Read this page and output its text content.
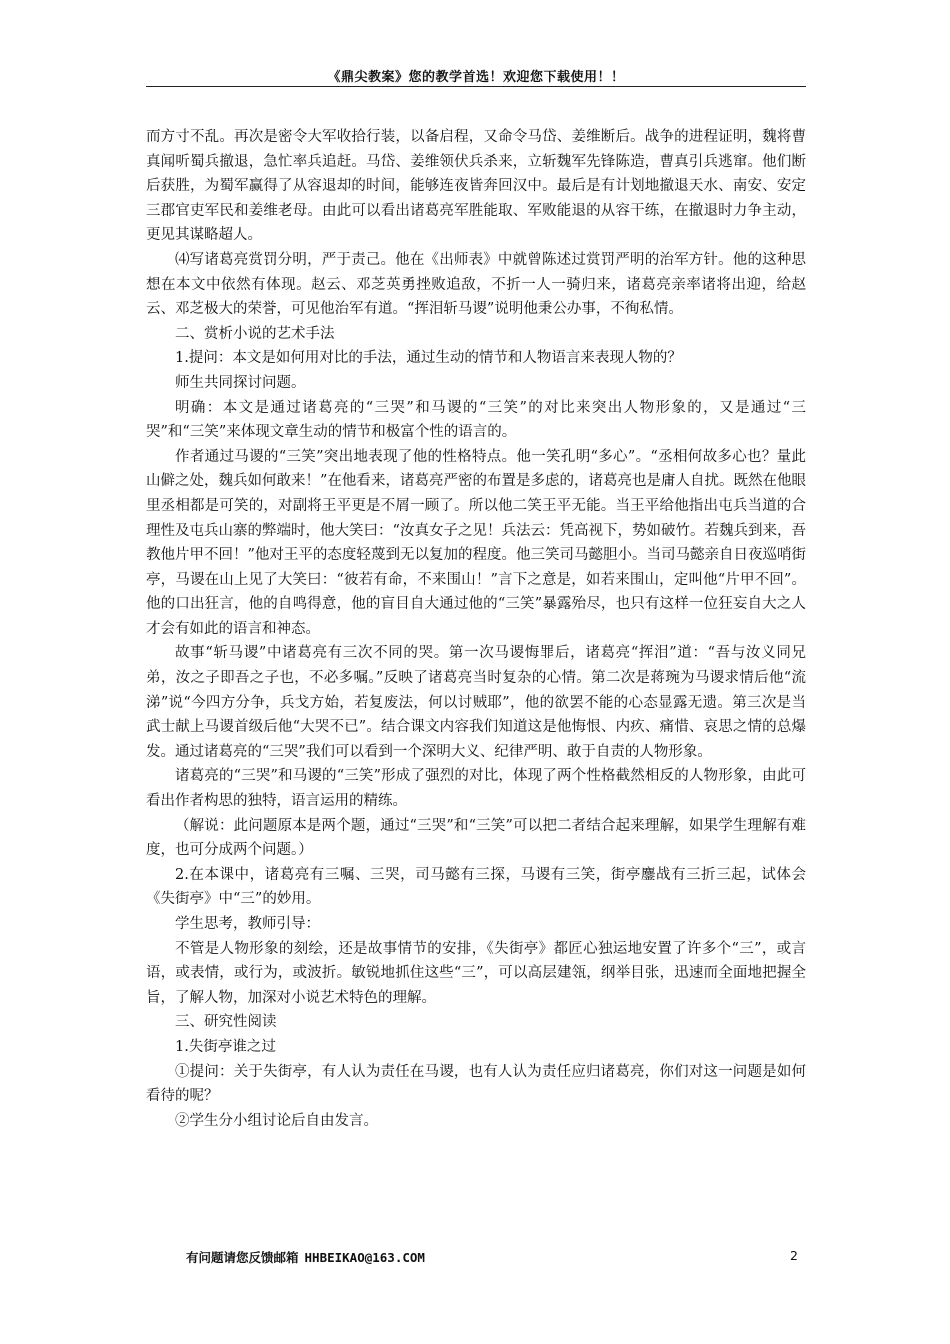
《鼎尖教案》您的教学首选！欢迎您下载使用！！

而方寸不乱。再次是密令大军收拾行装，以备启程，又命令马岱、姜维断后。战争的进程证明，魏将曹真闻听蜀兵撤退，急忙率兵追赶。马岱、姜维领伏兵杀来，立斩魏军先锋陈造，曹真引兵逃窜。他们断后获胜，为蜀军赢得了从容退却的时间，能够连夜皆奔回汉中。最后是有计划地撤退天水、南安、安定三郡官吏军民和姜维老母。由此可以看出诸葛亮军胜能取、军败能退的从容干练，在撤退时力争主动，更见其谋略超人。

⑷写诸葛亮赏罚分明，严于责己。他在《出师表》中就曾陈述过赏罚严明的治军方针。他的这种思想在本文中依然有体现。赵云、邓芝英勇挫败追敌，不折一人一骑归来，诸葛亮亲率诸将出迎，给赵云、邓芝极大的荣誉，可见他治军有道。“挥泪斩马谡”说明他秉公办事，不徇私情。

二、赏析小说的艺术手法

1.提问：本文是如何用对比的手法，通过生动的情节和人物语言来表现人物的？

师生共同探讨问题。

明确：本文是通过诸葛亮的“三哭”和马谡的“三笑”的对比来突出人物形象的，又是通过“三哭”和“三笑”来体现文章生动的情节和极富个性的语言的。

作者通过马谡的“三笑”突出地表现了他的性格特点。他一笑孔明“多心”。“丞相何故多心也？量此山僻之处，魏兵如何敢来！”在他看来，诸葛亮严密的布置是多虑的，诸葛亮也是庸人自扰。既然在他眼里丞相都是可笑的，对副将王平更是不屑一顾了。所以他二笑王平无能。当王平给他指出屯兵当道的合理性及屯兵山寨的弊端时，他大笑曰：“汝真女子之见！兵法云：凭高视下，势如破竹。若魏兵到来，吾教他片甲不回！”他对王平的态度轻蔑到无以复加的程度。他三笑司马懿胆小。当司马懿亲自日夜巡哨街亭，马谡在山上见了大笑曰：“彼若有命，不来围山！”言下之意是，如若来围山，定叫他“片甲不回”。他的口出狂言，他的自鸣得意，他的盲目自大通过他的“三笑”暴露殆尽，也只有这样一位狂妄自大之人才会有如此的语言和神态。

故事“斩马谡”中诸葛亮有三次不同的哭。第一次马谡悔罪后，诸葛亮“挥泪”道：“吾与汝义同兄弟，汝之子即吾之子也，不必多嘱。”反映了诸葛亮当时复杂的心情。第二次是蒋琬为马谡求情后他“流涕”说“今四方分争，兵戈方始，若复废法，何以讨贼耶”，他的欲罢不能的心态显露无遗。第三次是当武士献上马谡首级后他“大哭不已”。结合课文内容我们知道这是他悔恨、内疚、痛惜、哀思之情的总爆发。通过诸葛亮的“三哭”我们可以看到一个深明大义、纪律严明、敢于自责的人物形象。

诸葛亮的“三哭”和马谡的“三笑”形成了强烈的对比，体现了两个性格截然相反的人物形象，由此可看出作者构思的独特，语言运用的精练。

（解说：此问题原本是两个题，通过“三哭”和“三笑”可以把二者结合起来理解，如果学生理解有难度，也可分成两个问题。）

2.在本课中，诸葛亮有三嘱、三哭，司马懿有三探，马谡有三笑，街亭鏖战有三折三起，试体会《失街亭》中“三”的妙用。

学生思考，教师引导：

不管是人物形象的刻绘，还是故事情节的安排，《失街亭》都匠心独运地安置了许多个“三”，或言语，或表情，或行为，或波折。敏锐地抓住这些“三”，可以高层建瓴，纲举目张，迅速而全面地把握全旨，了解人物，加深对小说艺术特色的理解。

三、研究性阅读

1.失街亭谁之过

①提问：关于失街亭，有人认为责任在马谡，也有人认为责任应归诸葛亮，你们对这一问题是如何看待的呢？

②学生分小组讨论后自由发言。

有问题请您反馈邮箱 HHBEIKAO@163.COM	2
